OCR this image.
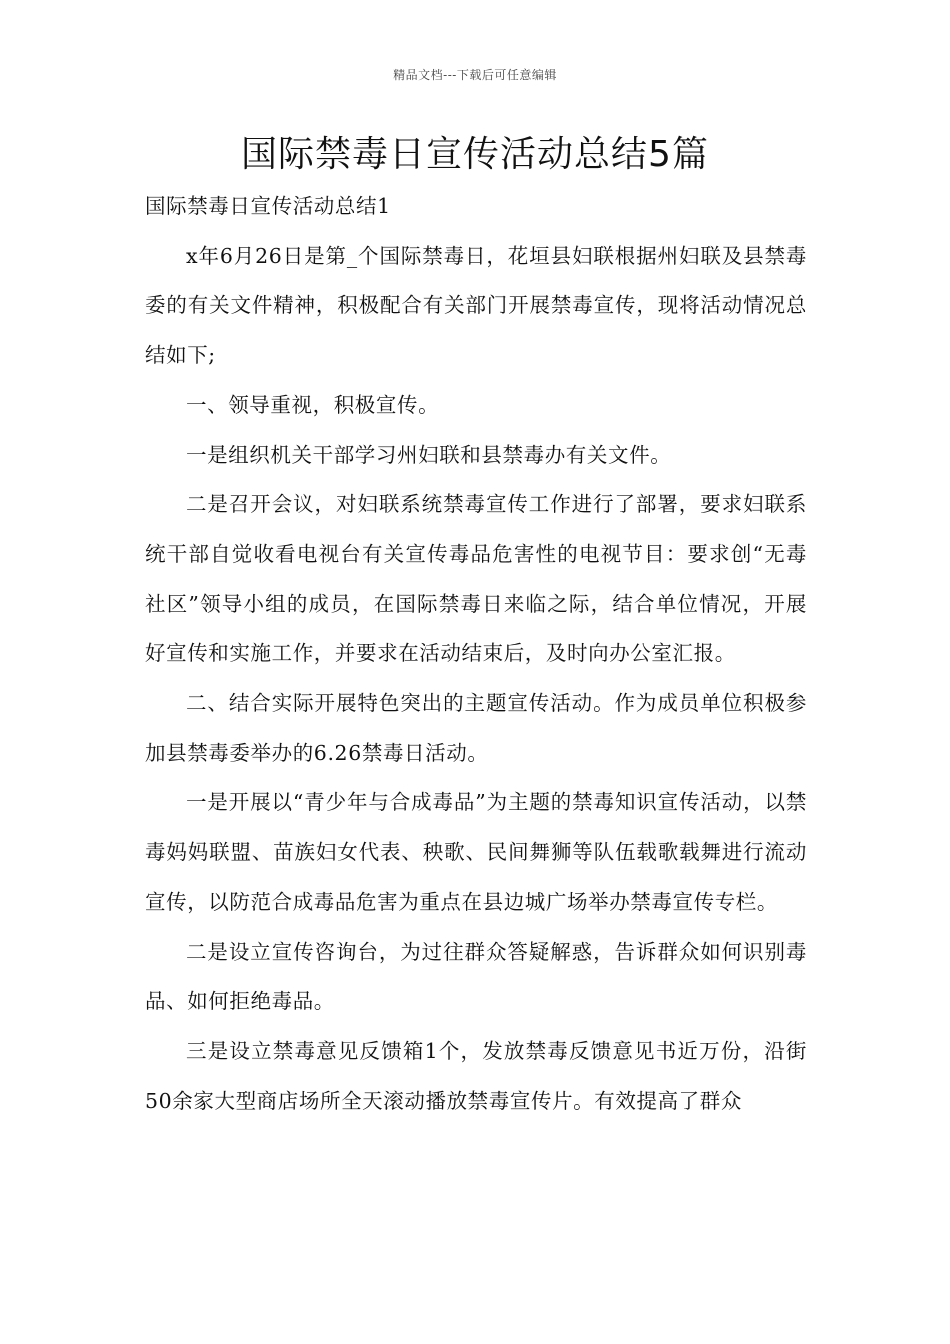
精品文档---下载后可任意编辑
国际禁毒日宣传活动总结5篇

国际禁毒日宣传活动总结1

x年6月26日是第_个国际禁毒日，花垣县妇联根据州妇联及县禁毒委的有关文件精神，积极配合有关部门开展禁毒宣传，现将活动情况总结如下;

一、领导重视，积极宣传。

一是组织机关干部学习州妇联和县禁毒办有关文件。

二是召开会议，对妇联系统禁毒宣传工作进行了部署，要求妇联系统干部自觉收看电视台有关宣传毒品危害性的电视节目：要求创“无毒社区”领导小组的成员，在国际禁毒日来临之际，结合单位情况，开展好宣传和实施工作，并要求在活动结束后，及时向办公室汇报。

二、结合实际开展特色突出的主题宣传活动。作为成员单位积极参加县禁毒委举办的6.26禁毒日活动。

一是开展以“青少年与合成毒品”为主题的禁毒知识宣传活动，以禁毒妈妈联盟、苗族妇女代表、秧歌、民间舞狮等队伍载歌载舞进行流动宣传，以防范合成毒品危害为重点在县边城广场举办禁毒宣传专栏。

二是设立宣传咨询台，为过往群众答疑解惑，告诉群众如何识别毒品、如何拒绝毒品。

三是设立禁毒意见反馈箱1个，发放禁毒反馈意见书近万份，沿街50余家大型商店场所全天滚动播放禁毒宣传片。有效提高了群众
